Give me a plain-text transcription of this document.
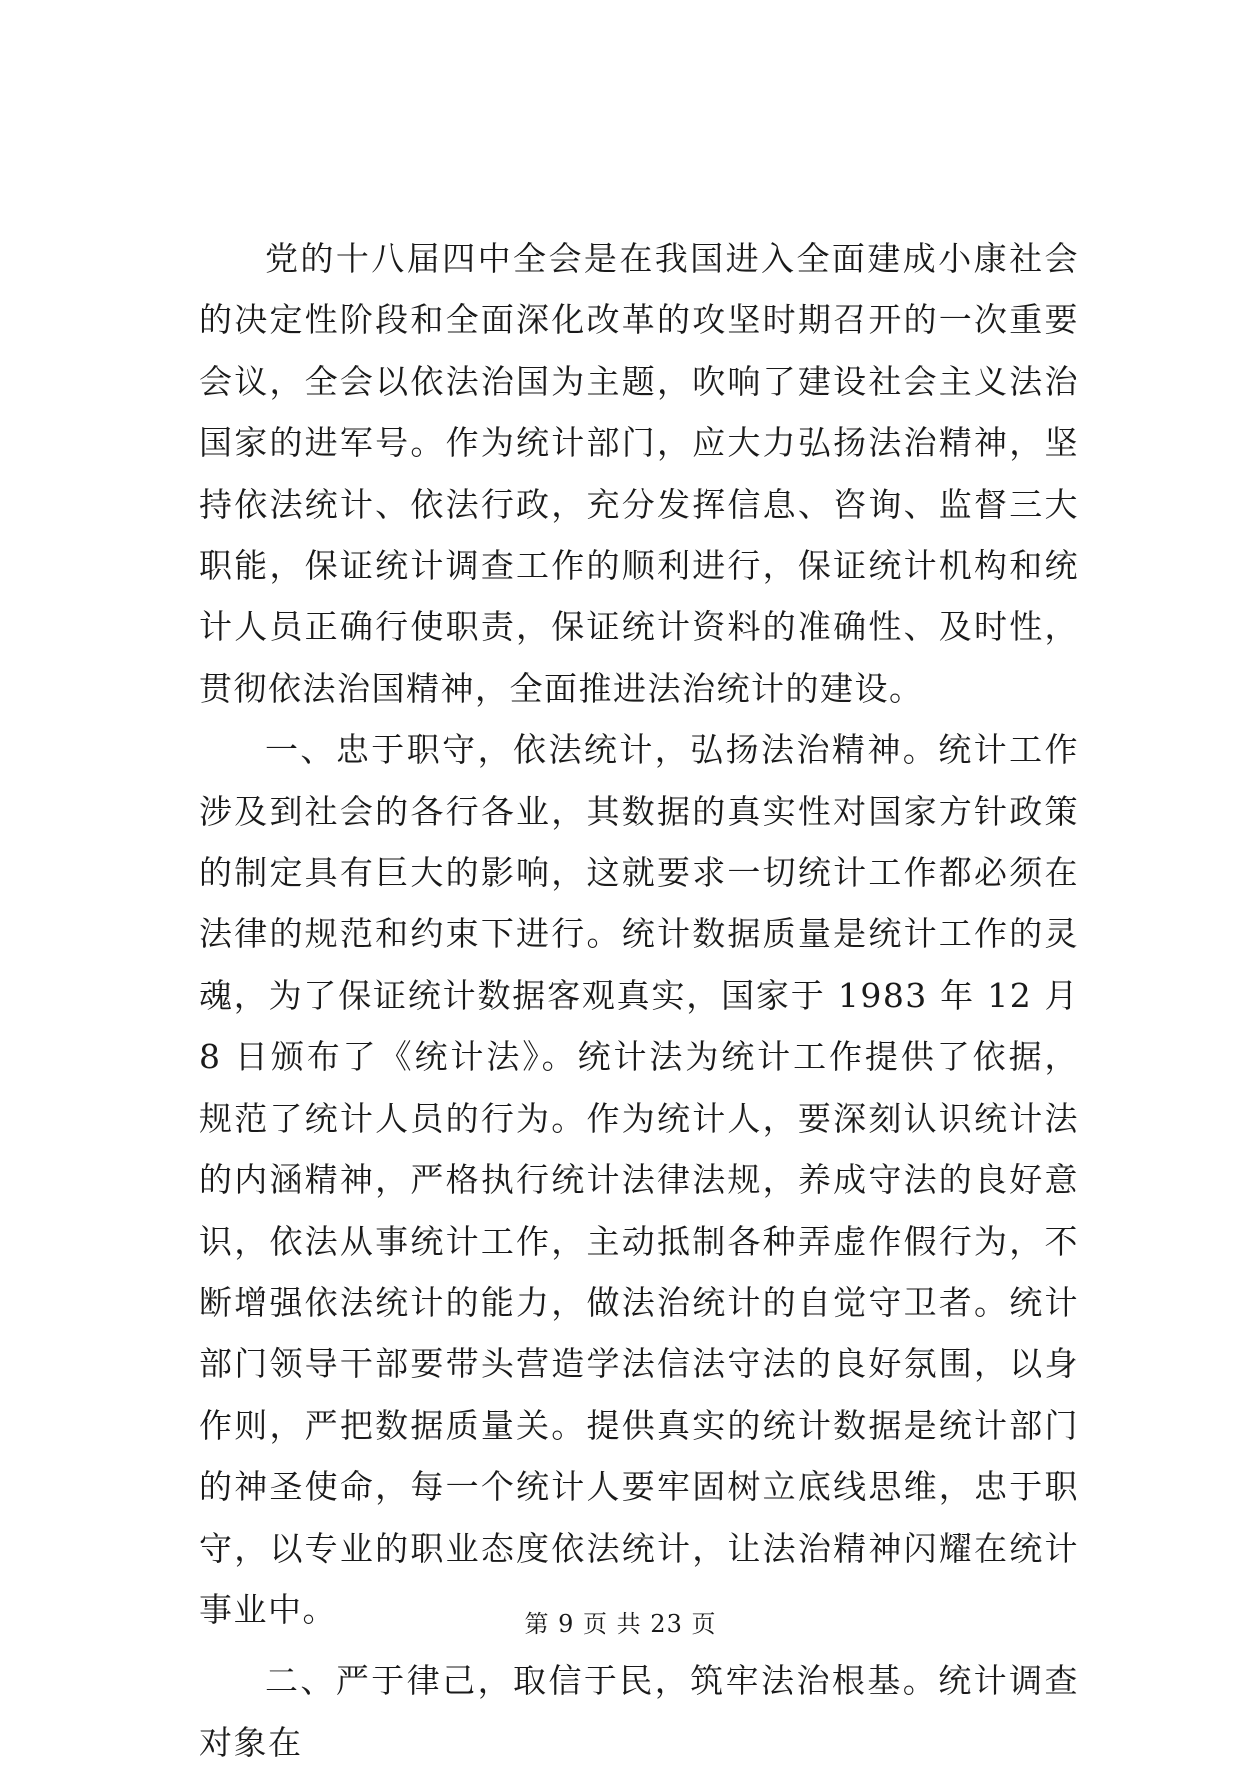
党的十八届四中全会是在我国进入全面建成小康社会的决定性阶段和全面深化改革的攻坚时期召开的一次重要会议，全会以依法治国为主题，吹响了建设社会主义法治国家的进军号。作为统计部门，应大力弘扬法治精神，坚持依法统计、依法行政，充分发挥信息、咨询、监督三大职能，保证统计调查工作的顺利进行，保证统计机构和统计人员正确行使职责，保证统计资料的准确性、及时性，贯彻依法治国精神，全面推进法治统计的建设。

一、忠于职守，依法统计，弘扬法治精神。统计工作涉及到社会的各行各业，其数据的真实性对国家方针政策的制定具有巨大的影响，这就要求一切统计工作都必须在法律的规范和约束下进行。统计数据质量是统计工作的灵魂，为了保证统计数据客观真实，国家于 1983 年 12 月 8 日颁布了《统计法》。统计法为统计工作提供了依据，规范了统计人员的行为。作为统计人，要深刻认识统计法的内涵精神，严格执行统计法律法规，养成守法的良好意识，依法从事统计工作，主动抵制各种弄虚作假行为，不断增强依法统计的能力，做法治统计的自觉守卫者。统计部门领导干部要带头营造学法信法守法的良好氛围，以身作则，严把数据质量关。提供真实的统计数据是统计部门的神圣使命，每一个统计人要牢固树立底线思维，忠于职守，以专业的职业态度依法统计，让法治精神闪耀在统计事业中。

二、严于律己，取信于民，筑牢法治根基。统计调查对象在

第 9 页 共 23 页
